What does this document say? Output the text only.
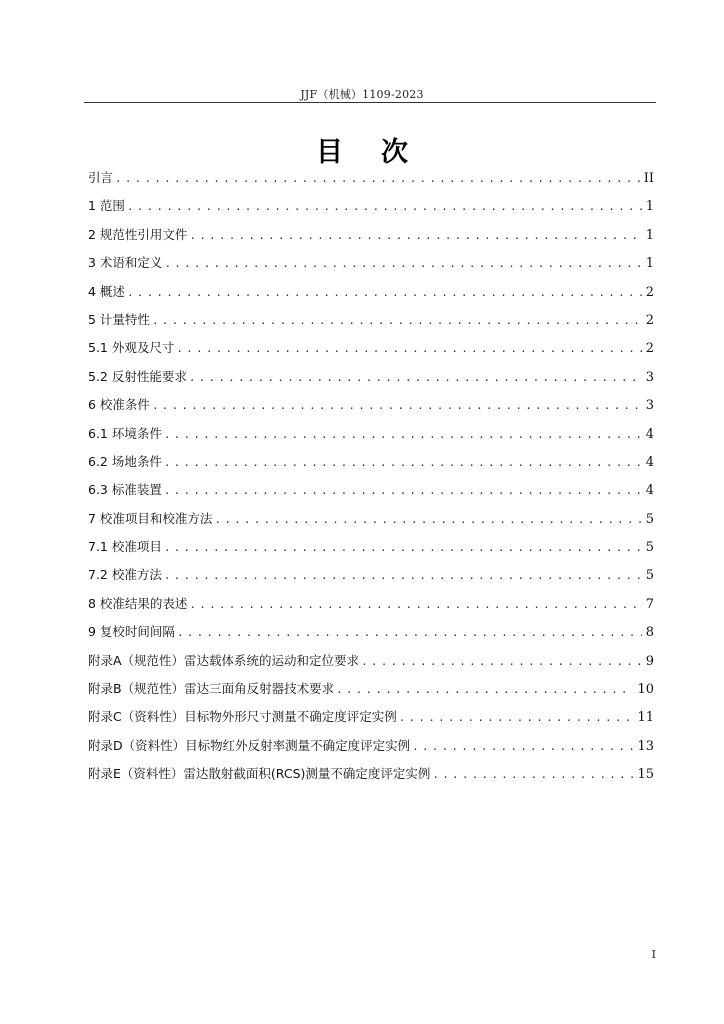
JJF（机械）1109-2023
目次
引言 .....	II
1 范围 .....	1
2 规范性引用文件 .....	1
3 术语和定义 .....	1
4 概述 .....	2
5 计量特性 .....	2
5.1 外观及尺寸 .....	2
5.2 反射性能要求 .....	3
6 校准条件 .....	3
6.1 环境条件 .....	4
6.2 场地条件 .....	4
6.3 标准装置 .....	4
7 校准项目和校准方法 .....	5
7.1 校准项目 .....	5
7.2 校准方法 .....	5
8 校准结果的表述 .....	7
9 复校时间间隔 .....	8
附录A（规范性）雷达载体系统的运动和定位要求 .....	9
附录B（规范性）雷达三面角反射器技术要求 .....	10
附录C（资料性）目标物外形尺寸测量不确定度评定实例 .....	11
附录D（资料性）目标物红外反射率测量不确定度评定实例 .....	13
附录E（资料性）雷达散射截面积(RCS)测量不确定度评定实例 .....	15
I
